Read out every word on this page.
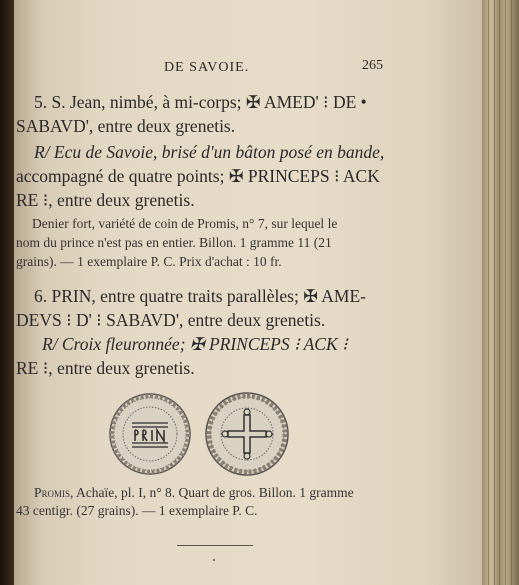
DE SAVOIE.	265
5. S. Jean, nimbé, à mi-corps; ✠ AMED' ⁝ DE •
SABAVD', entre deux grenetis.
R/ Ecu de Savoie, brisé d'un bâton posé en bande,
accompagné de quatre points; ✠ PRINCEPS ⁝ ACK
RE ⁝, entre deux grenetis.
Denier fort, variété de coin de Promis, n° 7, sur lequel le
nom du prince n'est pas en entier. Billon. 1 gramme 11 (21
grains). — 1 exemplaire P. C. Prix d'achat : 10 fr.
6. PRIN, entre quatre traits parallèles; ✠ AME-
DEVS ⁝ D' ⁝ SABAVD', entre deux grenetis.
R/ Croix fleuronnée; ✠ PRINCEPS ⁝ ACK ⁝
RE ⁝, entre deux grenetis.
Promis, Achaïe, pl. I, n° 8. Quart de gros. Billon. 1 gramme
43 centigr. (27 grains). — 1 exemplaire P. C.
